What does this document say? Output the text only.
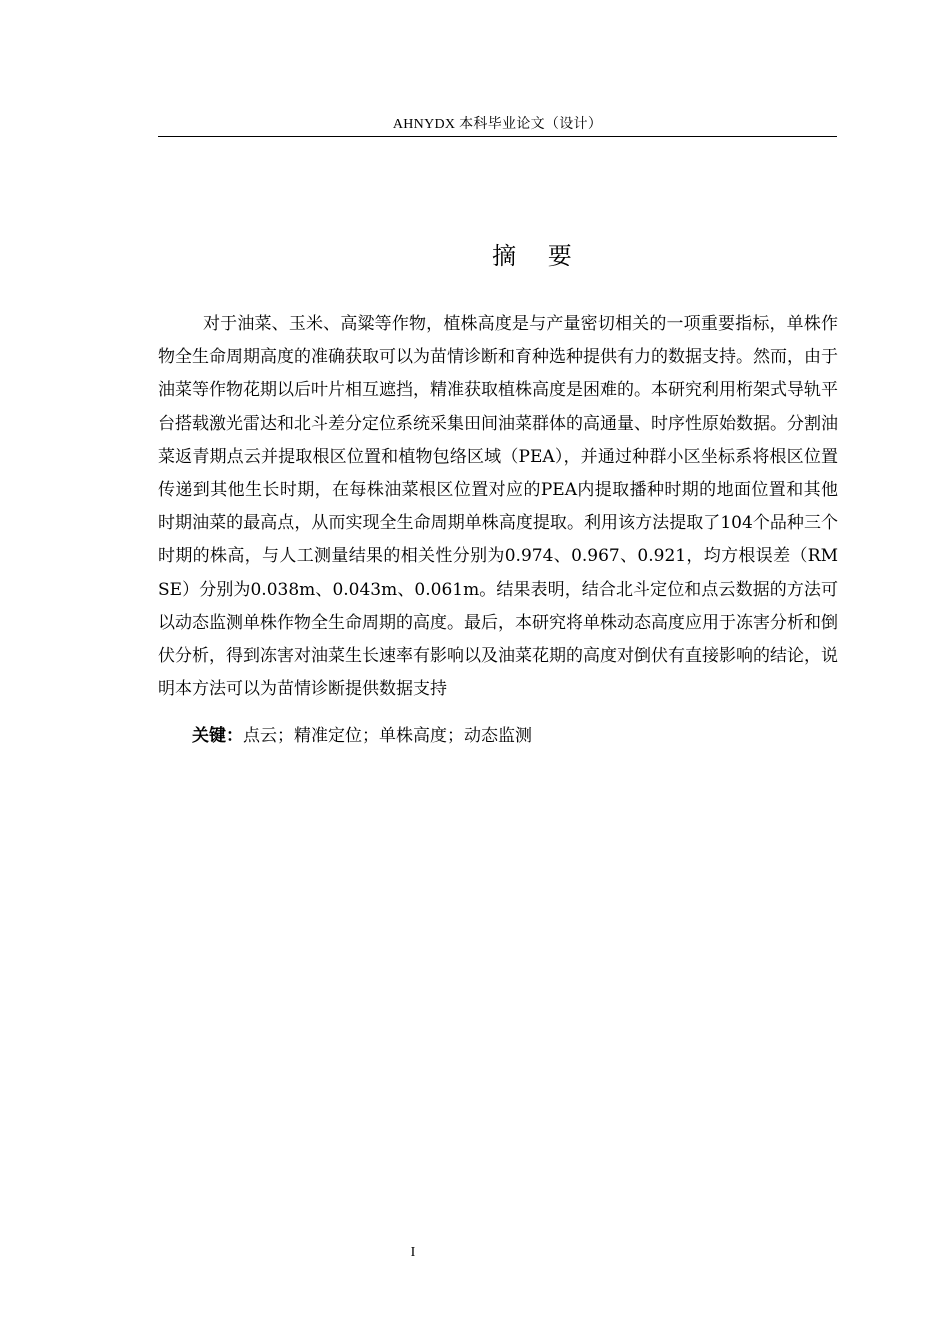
AHNYDX 本科毕业论文（设计）
摘 要

对于油菜、玉米、高粱等作物，植株高度是与产量密切相关的一项重要指标，单株作物全生命周期高度的准确获取可以为苗情诊断和育种选种提供有力的数据支持。然而，由于油菜等作物花期以后叶片相互遮挡，精准获取植株高度是困难的。本研究利用桁架式导轨平台搭载激光雷达和北斗差分定位系统采集田间油菜群体的高通量、时序性原始数据。分割油菜返青期点云并提取根区位置和植物包络区域（PEA），并通过种群小区坐标系将根区位置传递到其他生长时期，在每株油菜根区位置对应的PEA内提取播种时期的地面位置和其他时期油菜的最高点，从而实现全生命周期单株高度提取。利用该方法提取了104个品种三个时期的株高，与人工测量结果的相关性分别为0.974、0.967、0.921，均方根误差（RMSE）分别为0.038m、0.043m、0.061m。结果表明，结合北斗定位和点云数据的方法可以动态监测单株作物全生命周期的高度。最后，本研究将单株动态高度应用于冻害分析和倒伏分析，得到冻害对油菜生长速率有影响以及油菜花期的高度对倒伏有直接影响的结论，说明本方法可以为苗情诊断提供数据支持

关键：点云；精准定位；单株高度；动态监测
I
